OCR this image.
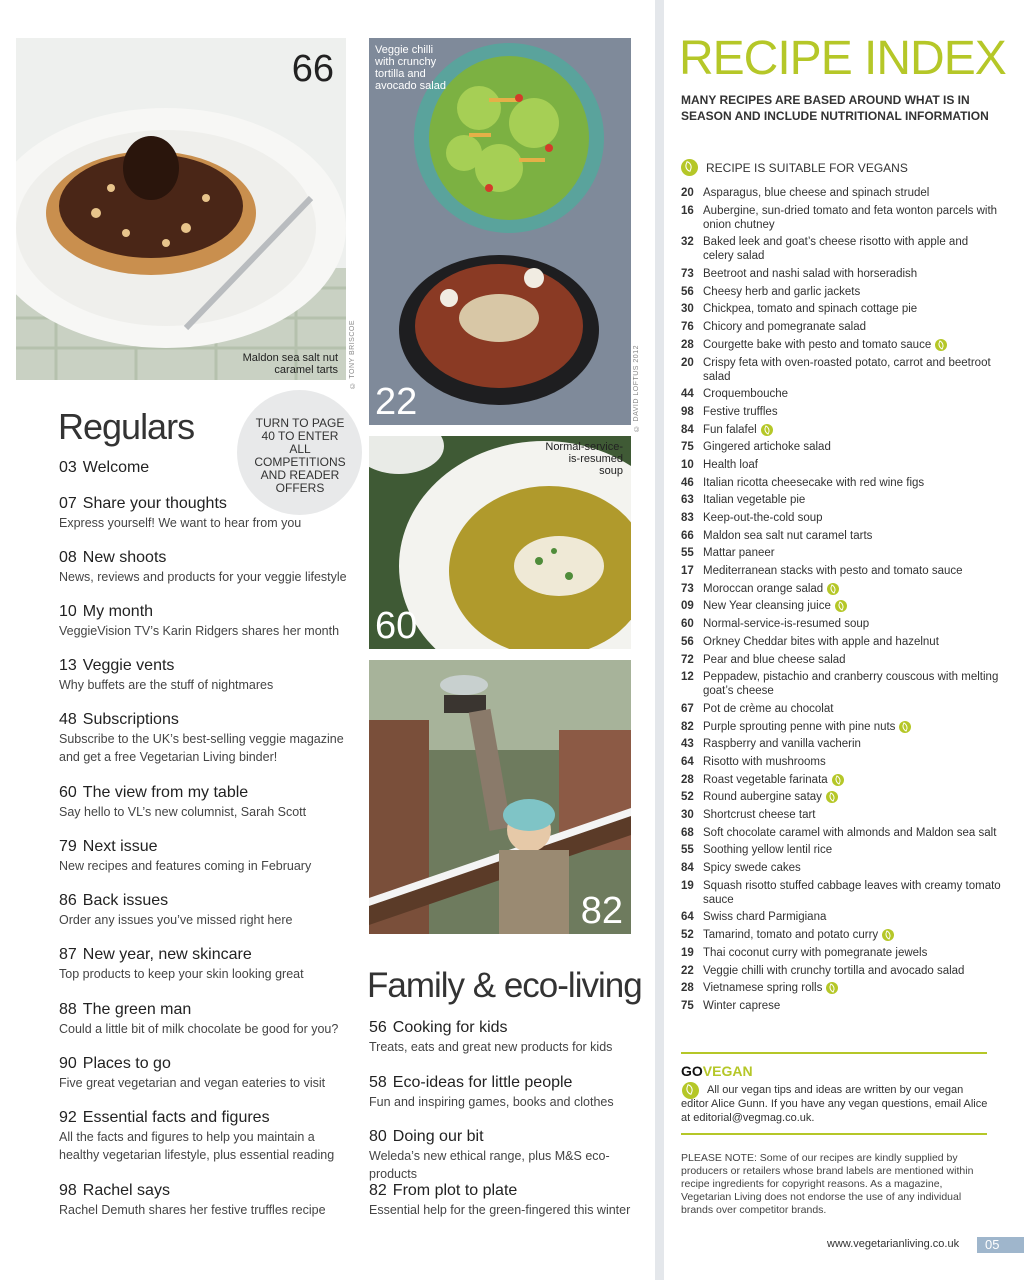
66
Maldon sea salt nut caramel tarts © TONY BRISCOE
Veggie chilli with crunchy tortilla and avocado salad
22	© DAVID LOFTUS 2012
Normal-service-is-resumed soup
60
82
Regulars	TURN TO PAGE 40 TO ENTER ALL COMPETITIONS AND READER OFFERS
03 Welcome
07 Share your thoughts
Express yourself! We want to hear from you
08 New shoots
News, reviews and products for your veggie lifestyle
10 My month
VeggieVision TV’s Karin Ridgers shares her month
13 Veggie vents
Why buffets are the stuff of nightmares
48 Subscriptions
Subscribe to the UK’s best-selling veggie magazine and get a free Vegetarian Living binder!
60 The view from my table
Say hello to VL’s new columnist, Sarah Scott
79 Next issue
New recipes and features coming in February
86 Back issues
Order any issues you’ve missed right here
87 New year, new skincare
Top products to keep your skin looking great
88 The green man
Could a little bit of milk chocolate be good for you?
90 Places to go
Five great vegetarian and vegan eateries to visit
92 Essential facts and figures
All the facts and figures to help you maintain a healthy vegetarian lifestyle, plus essential reading
98 Rachel says
Rachel Demuth shares her festive truffles recipe
Family & eco-living
56 Cooking for kids
Treats, eats and great new products for kids
58 Eco-ideas for little people
Fun and inspiring games, books and clothes
80 Doing our bit
Weleda’s new ethical range, plus M&S eco-products
82 From plot to plate
Essential help for the green-fingered this winter
RECIPE INDEX
MANY RECIPES ARE BASED AROUND WHAT IS IN SEASON AND INCLUDE NUTRITIONAL INFORMATION
RECIPE IS SUITABLE FOR VEGANS
20 Asparagus, blue cheese and spinach strudel
16 Aubergine, sun-dried tomato and feta wonton parcels with onion chutney
32 Baked leek and goat’s cheese risotto with apple and celery salad
73 Beetroot and nashi salad with horseradish
56 Cheesy herb and garlic jackets
30 Chickpea, tomato and spinach cottage pie
76 Chicory and pomegranate salad
28 Courgette bake with pesto and tomato sauce
20 Crispy feta with oven-roasted potato, carrot and beetroot salad
44 Croquembouche
98 Festive truffles
84 Fun falafel
75 Gingered artichoke salad
10 Health loaf
46 Italian ricotta cheesecake with red wine figs
63 Italian vegetable pie
83 Keep-out-the-cold soup
66 Maldon sea salt nut caramel tarts
55 Mattar paneer
17 Mediterranean stacks with pesto and tomato sauce
73 Moroccan orange salad
09 New Year cleansing juice
60 Normal-service-is-resumed soup
56 Orkney Cheddar bites with apple and hazelnut
72 Pear and blue cheese salad
12 Peppadew, pistachio and cranberry couscous with melting goat’s cheese
67 Pot de crème au chocolat
82 Purple sprouting penne with pine nuts
43 Raspberry and vanilla vacherin
64 Risotto with mushrooms
28 Roast vegetable farinata
52 Round aubergine satay
30 Shortcrust cheese tart
68 Soft chocolate caramel with almonds and Maldon sea salt
55 Soothing yellow lentil rice
84 Spicy swede cakes
19 Squash risotto stuffed cabbage leaves with creamy tomato sauce
64 Swiss chard Parmigiana
52 Tamarind, tomato and potato curry
19 Thai coconut curry with pomegranate jewels
22 Veggie chilli with crunchy tortilla and avocado salad
28 Vietnamese spring rolls
75 Winter caprese
GOVEGAN
All our vegan tips and ideas are written by our vegan editor Alice Gunn. If you have any vegan questions, email Alice at editorial@vegmag.co.uk.
PLEASE NOTE: Some of our recipes are kindly supplied by producers or retailers whose brand labels are mentioned within recipe ingredients for copyright reasons. As a magazine, Vegetarian Living does not endorse the use of any individual brands over competitor brands.
www.vegetarianliving.co.uk	05
